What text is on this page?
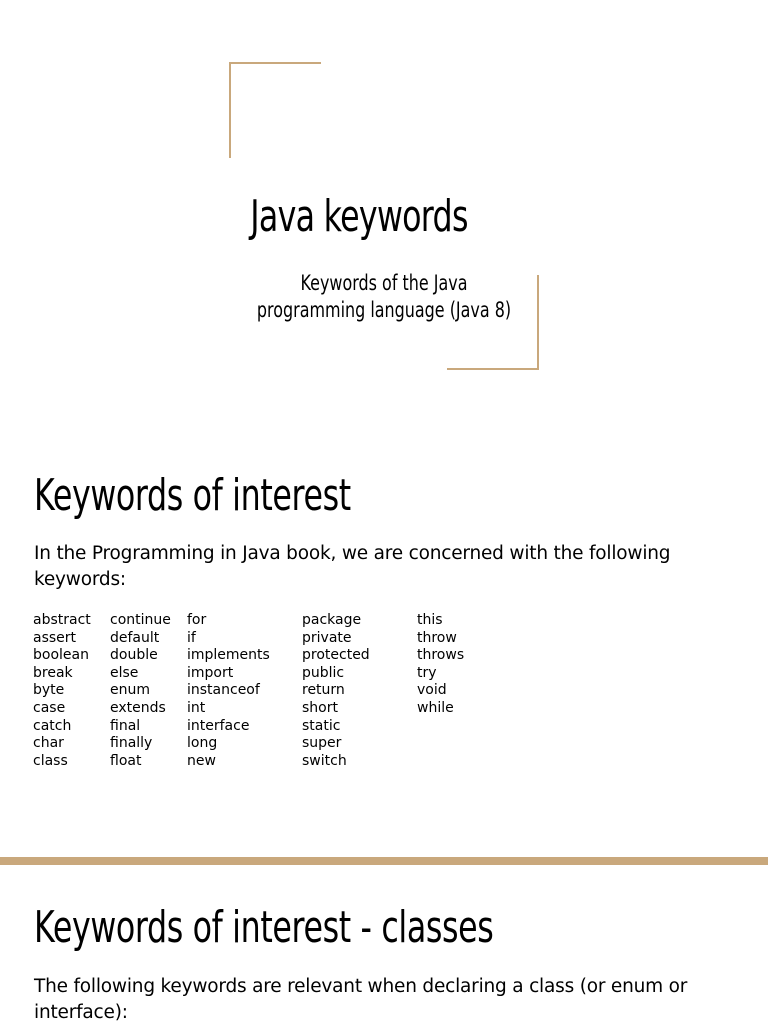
Java keywords

Keywords of the Java programming language (Java 8)

Keywords of interest

In the Programming in Java book, we are concerned with the following keywords:

abstract
assert
boolean
break
byte
case
catch
char
class
continue
default
double
else
enum
extends
final
finally
float
for
if
implements
import
instanceof
int
interface
long
new
package
private
protected
public
return
short
static
super
switch
this
throw
throws
try
void
while
Keywords of interest - classes

The following keywords are relevant when declaring a class (or enum or interface):
